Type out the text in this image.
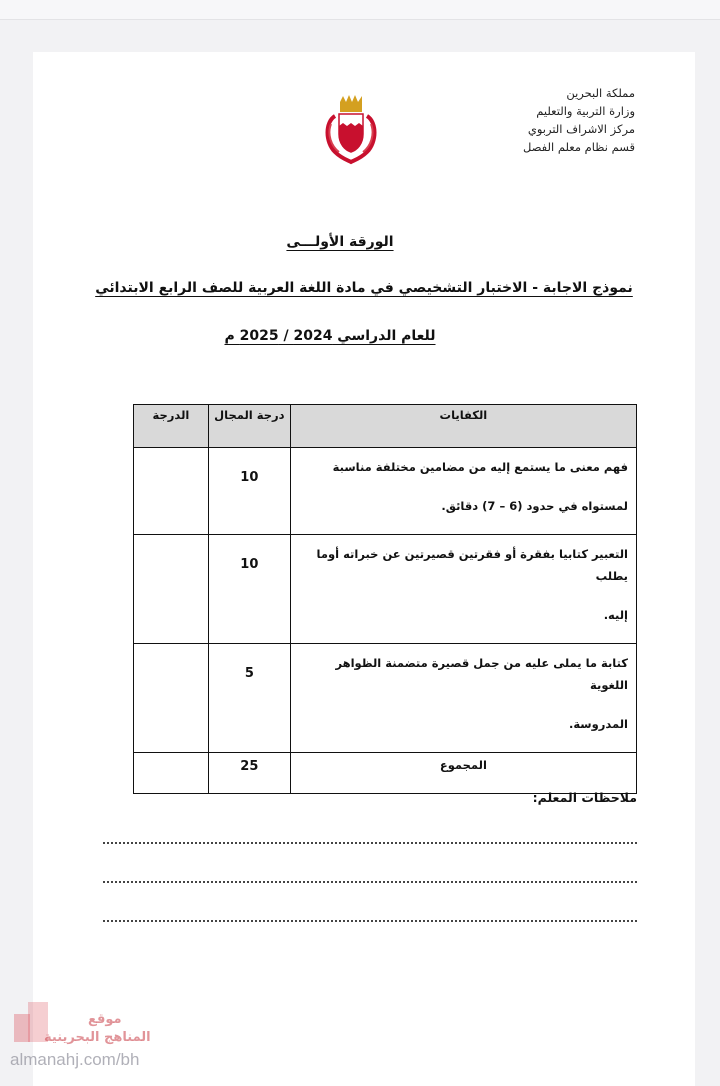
مملكة البحرين
وزارة التربية والتعليم
مركز الاشراف التربوي
قسم نظام معلم الفصل
الورقة الأولـــى
نموذج الاجابة - الاختبار التشخيصي في مادة اللغة العربية للصف الرابع الابتدائي
للعام الدراسي 2024 / 2025 م
الكفايات	درجة المجال	الدرجة

فهم معنى ما يستمع إليه من مضامين مختلفة مناسبة
لمستواه في حدود (6 – 7) دقائق.	10	

التعبير كتابيا بفقرة أو فقرتين قصيرتين عن خبراته أوما يطلب
إليه.	10	

كتابة ما يملى عليه من جمل قصيرة متضمنة الظواهر اللغوية
المدروسة.	5	
المجموع	25	
ملاحظات المعلم:
موقع
المناهج البحرينية
almanahj.com/bh
